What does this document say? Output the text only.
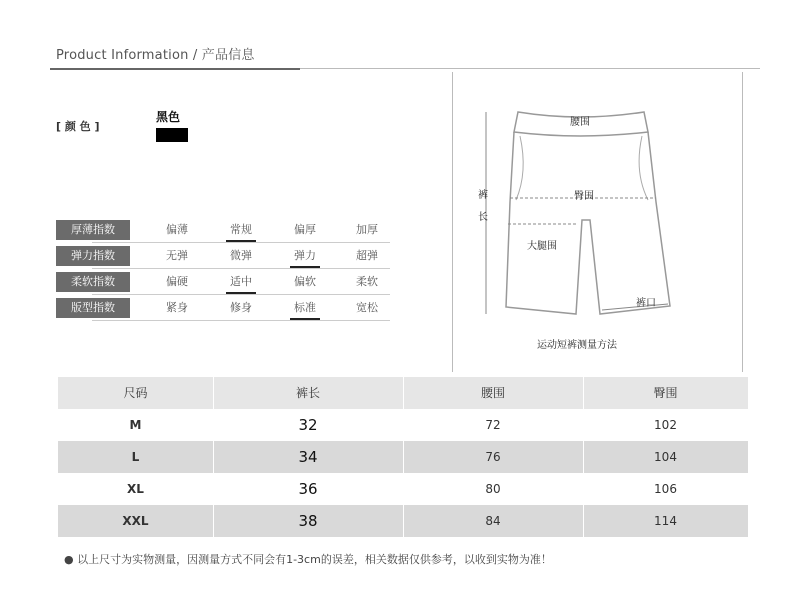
Product Information / 产品信息
[ 颜 色 ]
黑色
厚薄指数	偏薄	常规	偏厚	加厚
弹力指数	无弹	微弹	弹力	超弹
柔软指数	偏硬	适中	偏软	柔软
版型指数	紧身	修身	标准	宽松
腰围
臀围
裤
长
大腿围
裤口
运动短裤测量方法
尺码	裤长	腰围	臀围
M	32	72	102
L	34	76	104
XL	36	80	106
XXL	38	84	114
● 以上尺寸为实物测量，因测量方式不同会有1-3cm的误差，相关数据仅供参考，以收到实物为准！
